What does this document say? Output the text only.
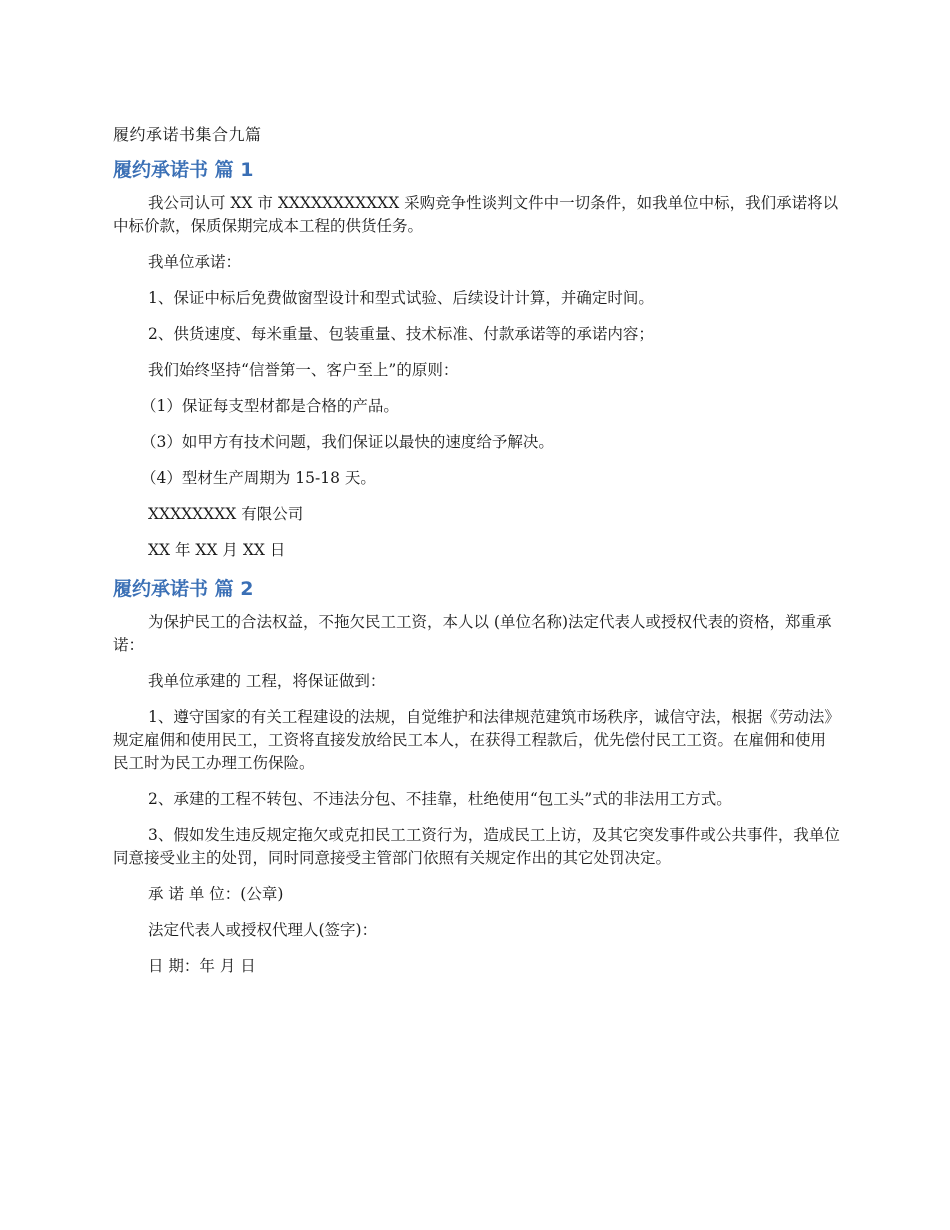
履约承诺书集合九篇
履约承诺书 篇 1

我公司认可 XX 市 XXXXXXXXXXX 采购竞争性谈判文件中一切条件，如我单位中标，我们承诺将以中标价款，保质保期完成本工程的供货任务。

我单位承诺：

1、保证中标后免费做窗型设计和型式试验、后续设计计算，并确定时间。

2、供货速度、每米重量、包装重量、技术标准、付款承诺等的承诺内容；

我们始终坚持“信誉第一、客户至上”的原则：

（1）保证每支型材都是合格的产品。

（3）如甲方有技术问题，我们保证以最快的速度给予解决。

（4）型材生产周期为 15-18 天。

XXXXXXXX 有限公司

XX 年 XX 月 XX 日

履约承诺书 篇 2

为保护民工的合法权益，不拖欠民工工资，本人以 (单位名称)法定代表人或授权代表的资格，郑重承诺：

我单位承建的 工程，将保证做到：

1、遵守国家的有关工程建设的法规，自觉维护和法律规范建筑市场秩序，诚信守法，根据《劳动法》规定雇佣和使用民工，工资将直接发放给民工本人，在获得工程款后，优先偿付民工工资。在雇佣和使用民工时为民工办理工伤保险。

2、承建的工程不转包、不违法分包、不挂靠，杜绝使用“包工头”式的非法用工方式。

3、假如发生违反规定拖欠或克扣民工工资行为，造成民工上访，及其它突发事件或公共事件，我单位同意接受业主的处罚，同时同意接受主管部门依照有关规定作出的其它处罚决定。

承 诺 单 位：(公章)

法定代表人或授权代理人(签字)：

日 期：年 月 日
